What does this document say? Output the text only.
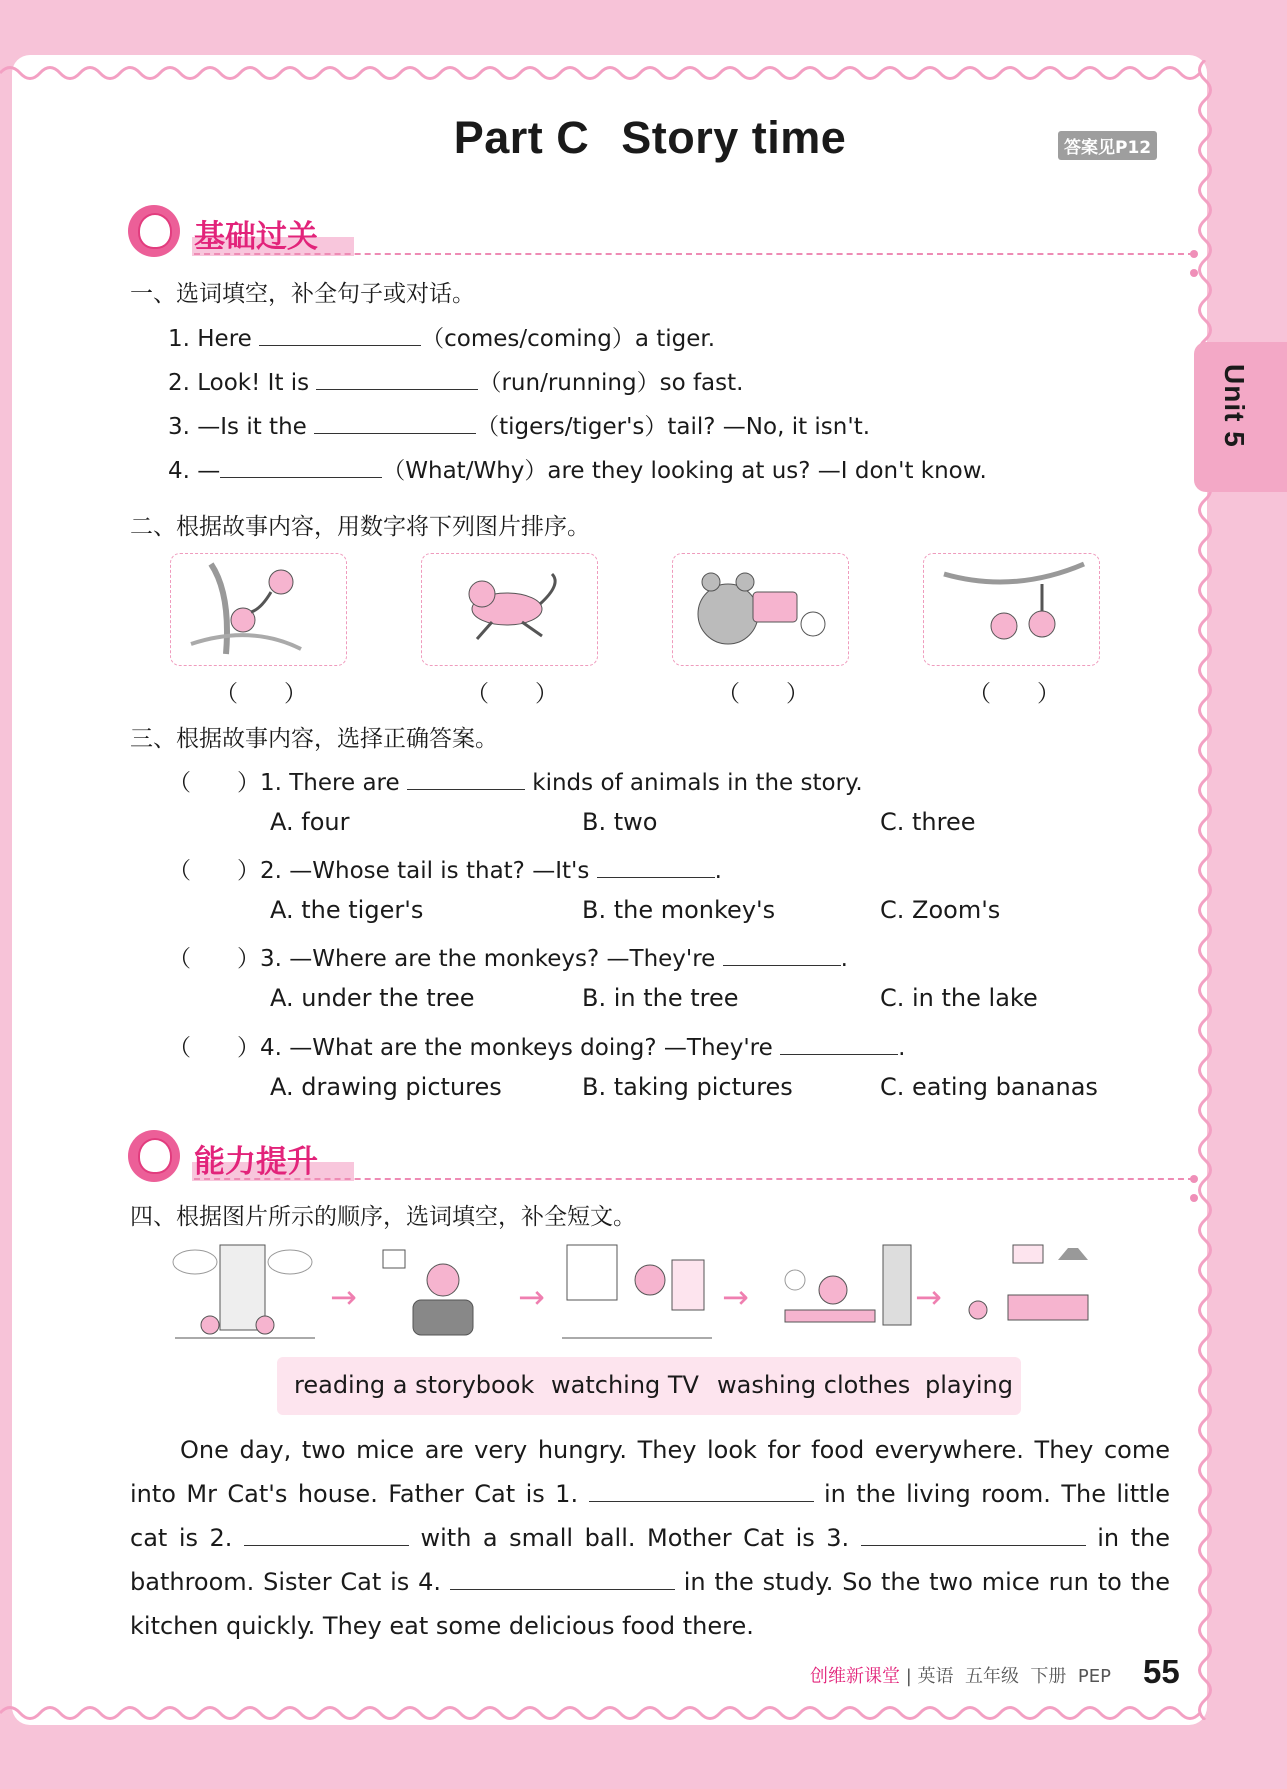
Part C Story time	答案见P12
Unit 5
基础过关
一、选词填空，补全句子或对话。
1. Here	（comes/coming）a tiger.
2. Look! It is	（run/running）so fast.
3. —Is it the	（tigers/tiger's）tail? —No, it isn't.
4. —	（What/Why）are they looking at us? —I don't know.
二、根据故事内容，用数字将下列图片排序。
（　　）	（　　）	（　　）	（　　）
三、根据故事内容，选择正确答案。
（　　）1. There are	kinds of animals in the story.
A. four	B. two	C. three
（　　）2. —Whose tail is that? —It's	.
A. the tiger's	B. the monkey's	C. Zoom's
（　　）3. —Where are the monkeys? —They're	.
A. under the tree	B. in the tree	C. in the lake
（　　）4. —What are the monkeys doing? —They're	.
A. drawing pictures	B. taking pictures	C. eating bananas
能力提升
四、根据图片所示的顺序，选词填空，补全短文。
→	→	→	→
reading a storybook watching TV washing clothes playing
One day, two mice are very hungry. They look for food everywhere. They come into Mr Cat's house. Father Cat is 1.	in the living room. The little cat is 2.	with a small ball. Mother Cat is 3.	in the bathroom. Sister Cat is 4.	in the study. So the two mice run to the kitchen quickly. They eat some delicious food there.
创维新课堂 | 英语  五年级  下册  PEP 55
